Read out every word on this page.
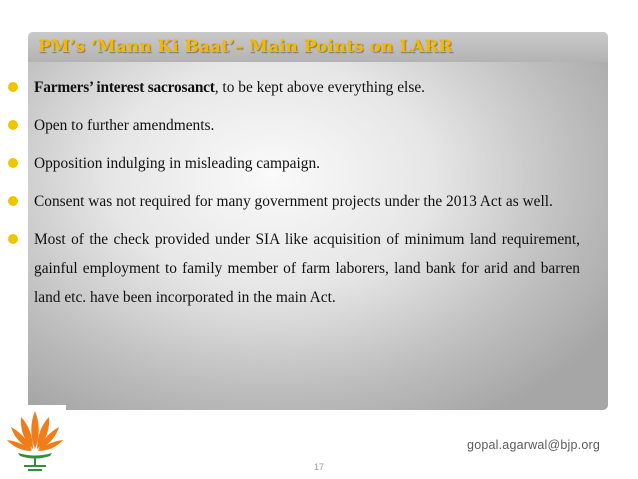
PM’s ‘Mann Ki Baat’– Main Points on LARR
Farmers’ interest sacrosanct, to be kept above everything else.
Open to further amendments.
Opposition indulging in misleading campaign.
Consent was not required for many government projects under the 2013 Act as well.
Most of the check provided under SIA like acquisition of minimum land requirement, gainful employment to family member of farm laborers, land bank for arid and barren land etc. have been incorporated in the main Act.
gopal.agarwal@bjp.org
17
